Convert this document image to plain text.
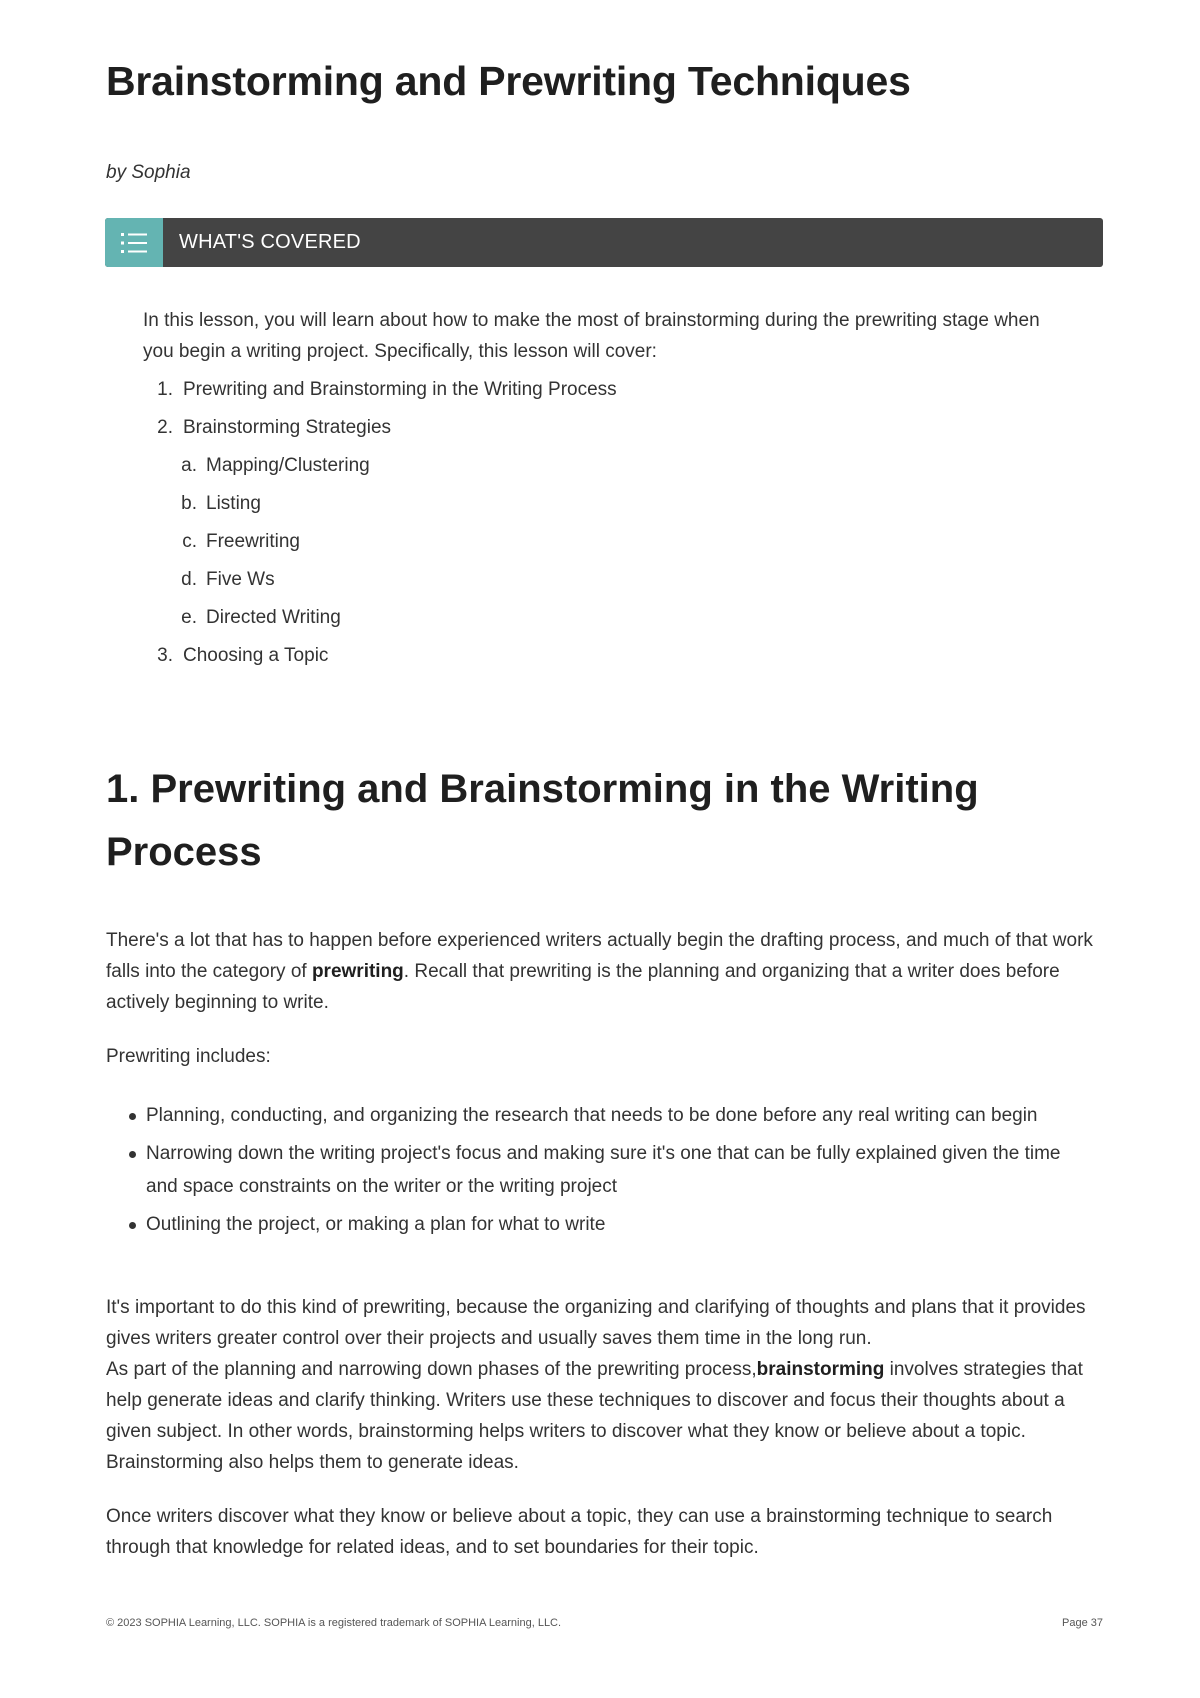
Brainstorming and Prewriting Techniques
by Sophia
WHAT'S COVERED

In this lesson, you will learn about how to make the most of brainstorming during the prewriting stage when you begin a writing project. Specifically, this lesson will cover:

1. Prewriting and Brainstorming in the Writing Process
2. Brainstorming Strategies
a. Mapping/Clustering
b. Listing
c. Freewriting
d. Five Ws
e. Directed Writing
3. Choosing a Topic
1. Prewriting and Brainstorming in the Writing Process

There's a lot that has to happen before experienced writers actually begin the drafting process, and much of that work falls into the category of prewriting. Recall that prewriting is the planning and organizing that a writer does before actively beginning to write.

Prewriting includes:

Planning, conducting, and organizing the research that needs to be done before any real writing can begin
Narrowing down the writing project's focus and making sure it's one that can be fully explained given the time and space constraints on the writer or the writing project
Outlining the project, or making a plan for what to write

It's important to do this kind of prewriting, because the organizing and clarifying of thoughts and plans that it provides gives writers greater control over their projects and usually saves them time in the long run.

As part of the planning and narrowing down phases of the prewriting process,brainstorming involves strategies that help generate ideas and clarify thinking. Writers use these techniques to discover and focus their thoughts about a given subject. In other words, brainstorming helps writers to discover what they know or believe about a topic. Brainstorming also helps them to generate ideas.

Once writers discover what they know or believe about a topic, they can use a brainstorming technique to search through that knowledge for related ideas, and to set boundaries for their topic.

© 2023 SOPHIA Learning, LLC. SOPHIA is a registered trademark of SOPHIA Learning, LLC.	Page 37
